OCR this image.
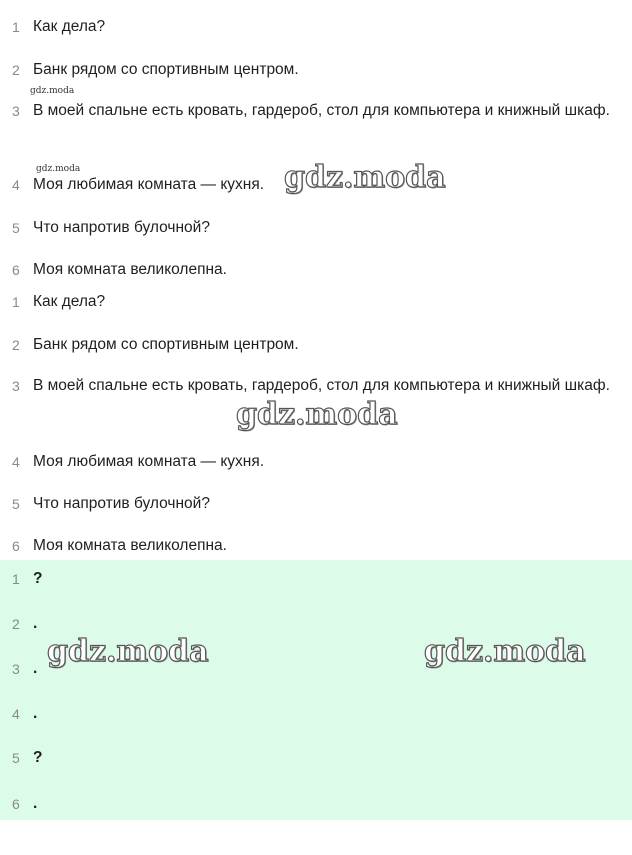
1 Как дела?
2 Банк рядом со спортивным центром.
3 В моей спальне есть кровать, гардероб, стол для компьютера и книжный шкаф.
4 Моя любимая комната — кухня.
5 Что напротив булочной?
6 Моя комната великолепна.
1 Как дела?
2 Банк рядом со спортивным центром.
3 В моей спальне есть кровать, гардероб, стол для компьютера и книжный шкаф.
4 Моя любимая комната — кухня.
5 Что напротив булочной?
6 Моя комната великолепна.
1 ?
2 .
3 .
4 .
5 ?
6 .
gdz.moda
gdz.moda	gdz.moda
gdz.moda
gdz.moda	gdz.moda
